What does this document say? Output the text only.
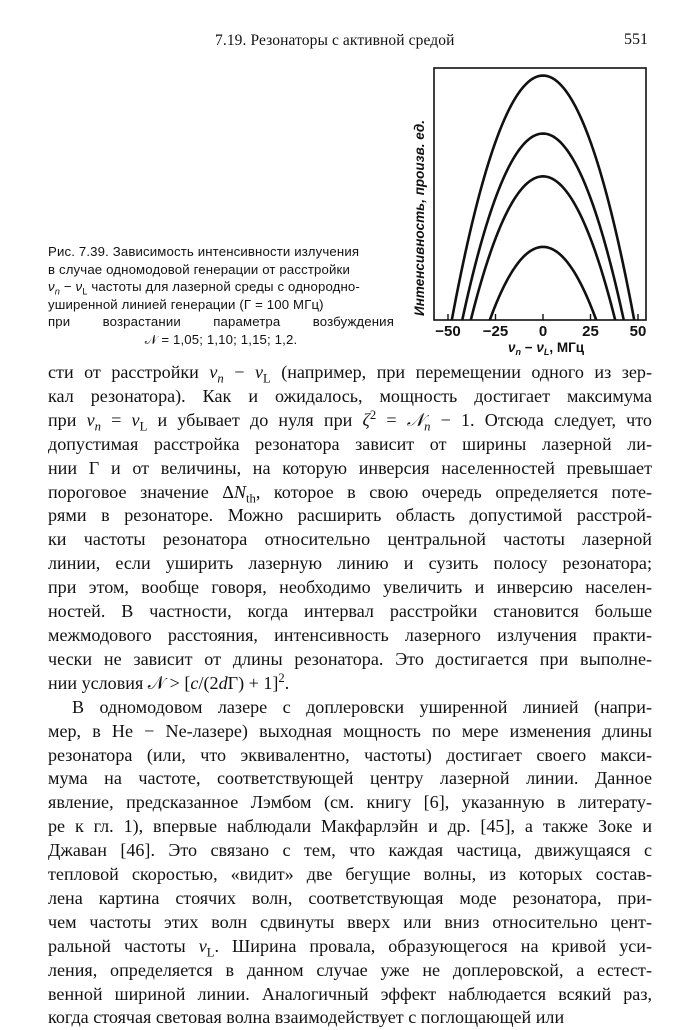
7.19. Резонаторы с активной средой	551
Рис. 7.39. Зависимость интенсивности излучения
в случае одномодовой генерации от расстройки
$\nu_n - \nu_L$ частоты для лазерной среды с однородно-
уширенной линией генерации (Γ = 100 МГц)
при возрастании параметра возбуждения
𝒩 = 1,05; 1,10; 1,15; 1,2.	−50 −25 0 25 50
Интенсивность, произв. ед.
$\nu_n - \nu_L$, МГц
сти от расстройки $\nu_n - \nu_L$ (например, при перемещении одного из зер-
кал резонатора). Как и ожидалось, мощность достигает максимума
при $\nu_n = \nu_L$ и убывает до нуля при $\zeta^2$ = 𝒩$_n$ − 1. Отсюда следует, что
допустимая расстройка резонатора зависит от ширины лазерной ли-
нии Γ и от величины, на которую инверсия населенностей превышает
пороговое значение $\Delta N_{th}$, которое в свою очередь определяется поте-
рями в резонаторе. Можно расширить область допустимой расстрой-
ки частоты резонатора относительно центральной частоты лазерной
линии, если уширить лазерную линию и сузить полосу резонатора;
при этом, вообще говоря, необходимо увеличить и инверсию населен-
ностей. В частности, когда интервал расстройки становится больше
межмодового расстояния, интенсивность лазерного излучения практи-
чески не зависит от длины резонатора. Это достигается при выполне-
нии условия 𝒩 > $[c/(2d\Gamma) + 1]^2$.
В одномодовом лазере с доплеровски уширенной линией (напри-
мер, в He − Ne-лазере) выходная мощность по мере изменения длины
резонатора (или, что эквивалентно, частоты) достигает своего макси-
мума на частоте, соответствующей центру лазерной линии. Данное
явление, предсказанное Лэмбом (см. книгу [6], указанную в литерату-
ре к гл. 1), впервые наблюдали Макфарлэйн и др. [45], а также Зоке и
Джаван [46]. Это связано с тем, что каждая частица, движущаяся с
тепловой скоростью, «видит» две бегущие волны, из которых состав-
лена картина стоячих волн, соответствующая моде резонатора, при-
чем частоты этих волн сдвинуты вверх или вниз относительно цент-
ральной частоты $\nu_L$. Ширина провала, образующегося на кривой уси-
ления, определяется в данном случае уже не доплеровской, а естест-
венной шириной линии. Аналогичный эффект наблюдается всякий раз,
когда стоячая световая волна взаимодействует с поглощающей или
